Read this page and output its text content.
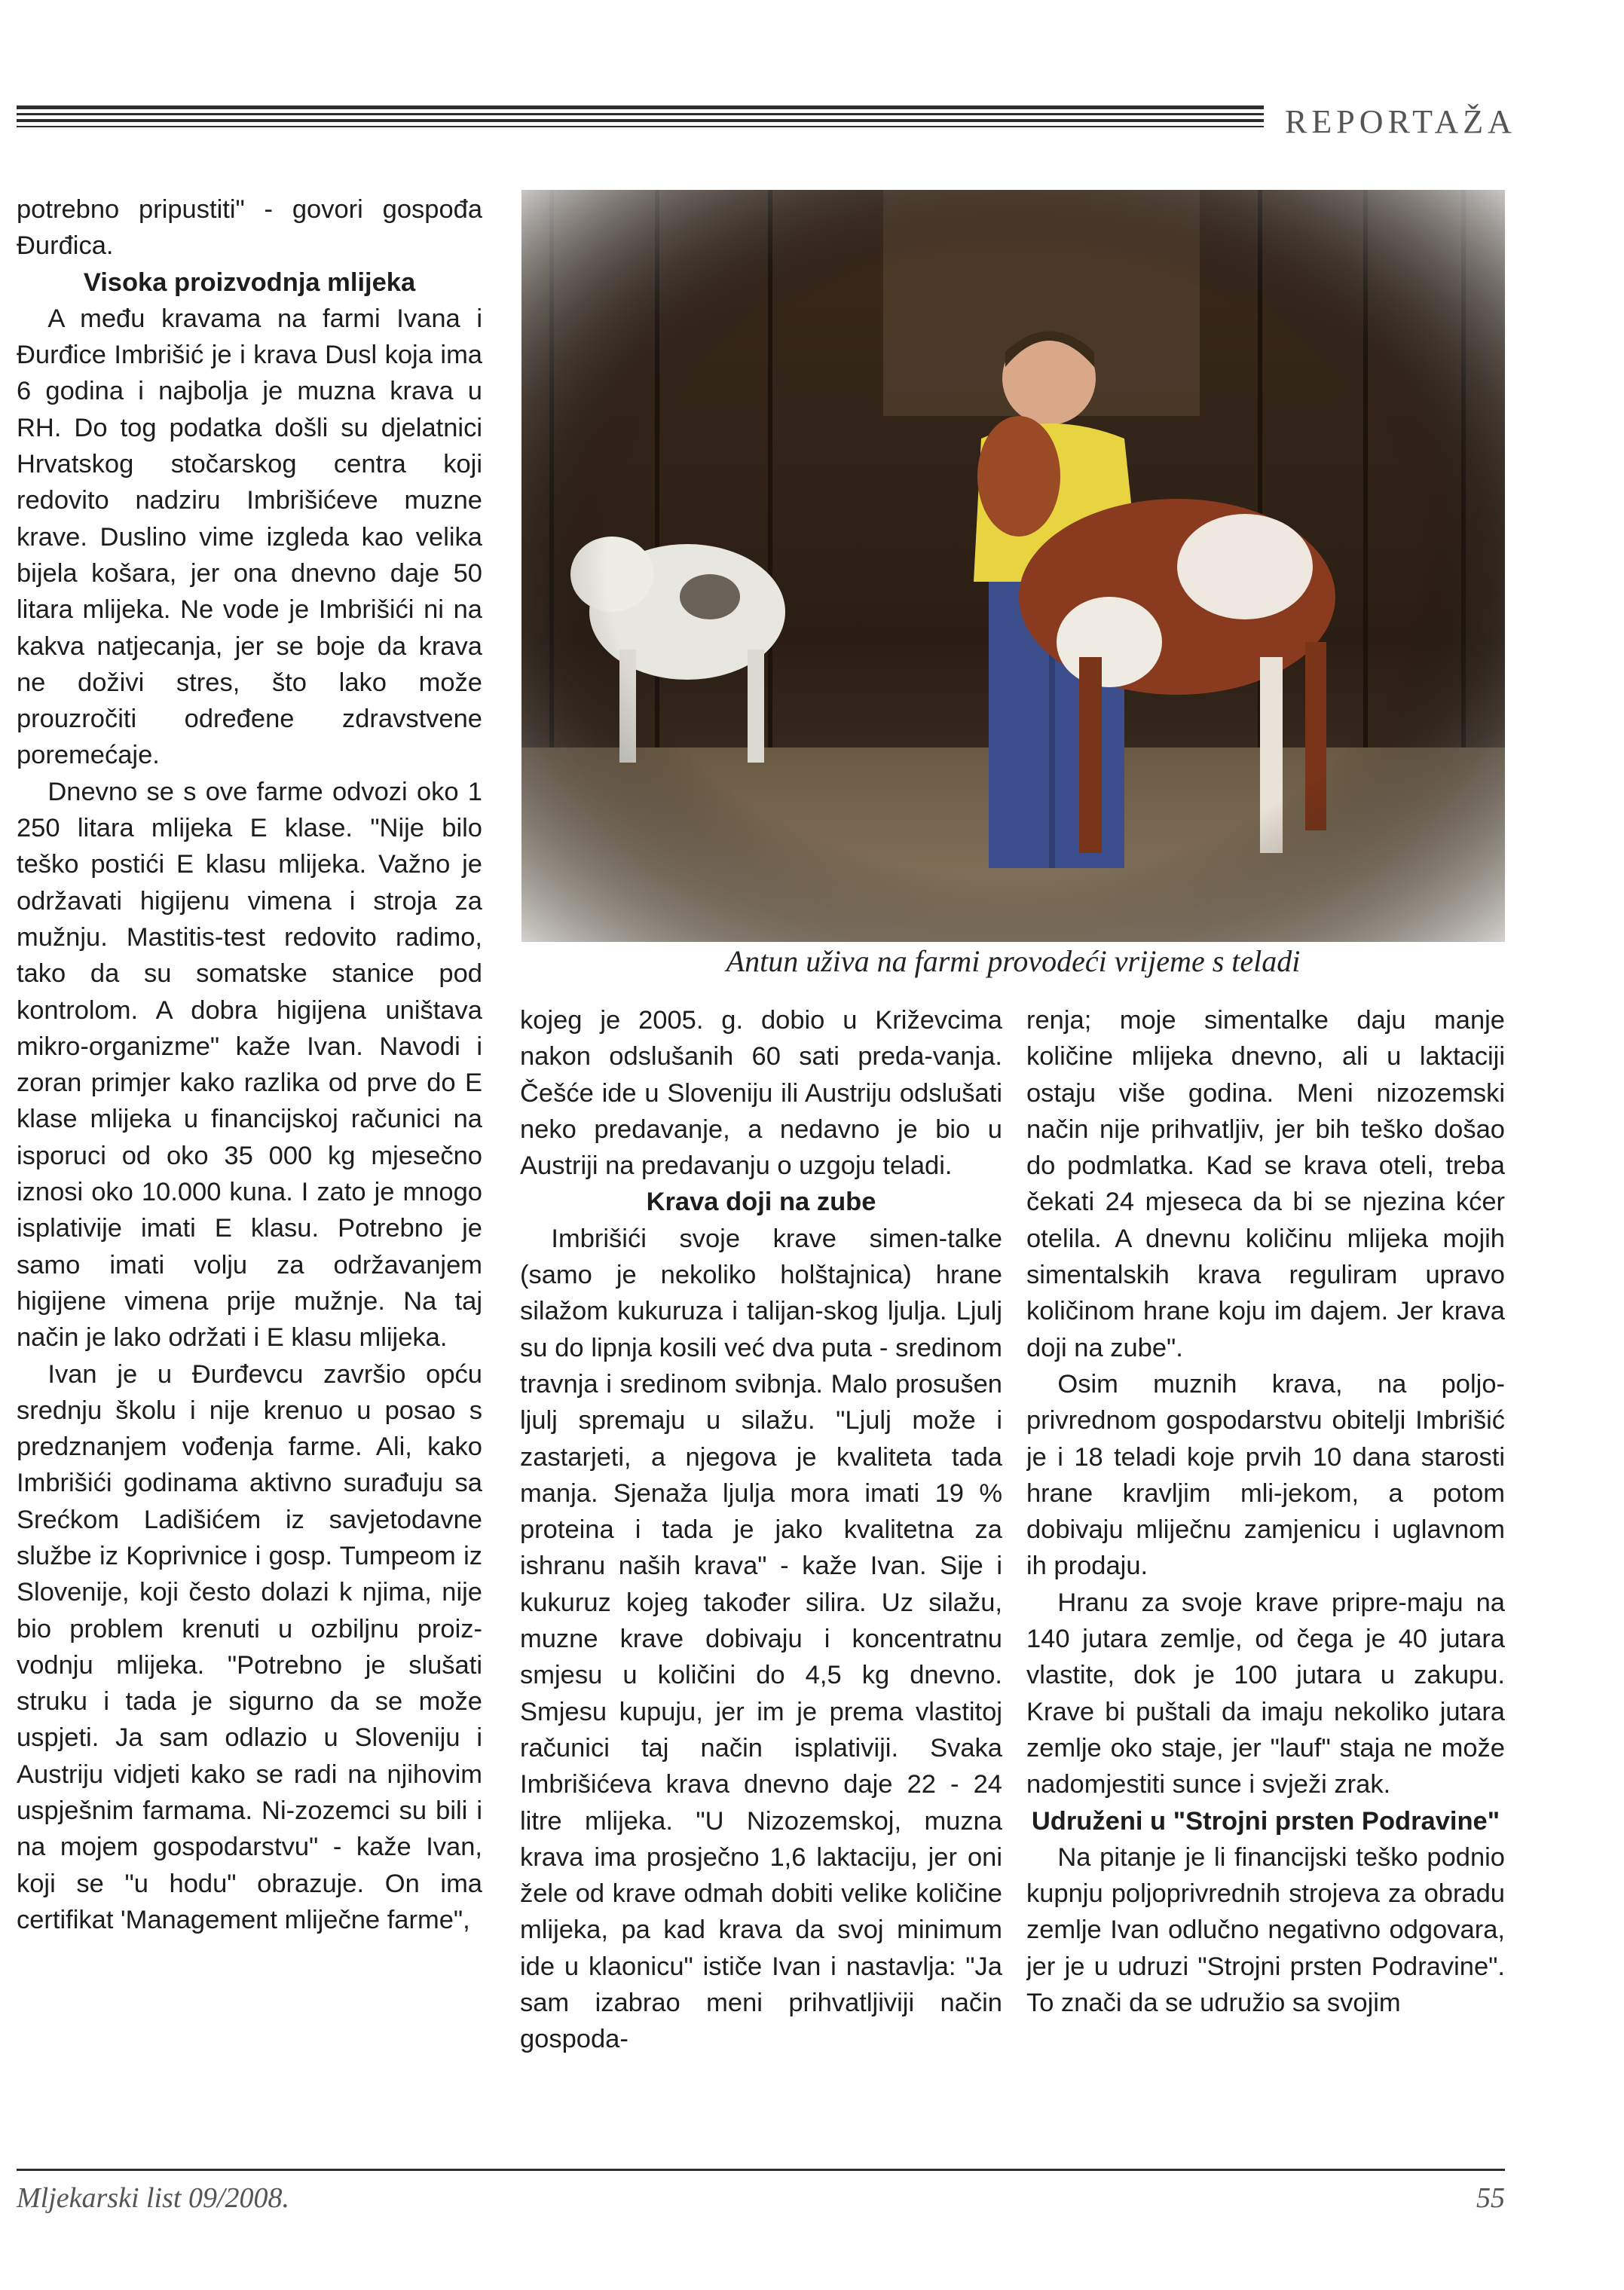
REPORTAŽA

potrebno pripustiti" - govori gospođa Đurđica.

Visoka proizvodnja mlijeka

A među kravama na farmi Ivana i Đurđice Imbrišić je i krava Dusl koja ima 6 godina i najbolja je muzna krava u RH. Do tog podatka došli su djelatnici Hrvatskog stočarskog centra koji redovito nadziru Imbrišićeve muzne krave. Duslino vime izgleda kao velika bijela košara, jer ona dnevno daje 50 litara mlijeka. Ne vode je Imbrišići ni na kakva natjecanja, jer se boje da krava ne doživi stres, što lako može prouzročiti određene zdravstvene poremećaje.

Dnevno se s ove farme odvozi oko 1 250 litara mlijeka E klase. "Nije bilo teško postići E klasu mlijeka. Važno je održavati higijenu vimena i stroja za mužnju. Mastitis-test redovito radimo, tako da su somatske stanice pod kontrolom. A dobra higijena uništava mikro-organizme" kaže Ivan. Navodi i zoran primjer kako razlika od prve do E klase mlijeka u financijskoj računici na isporuci od oko 35 000 kg mjesečno iznosi oko 10.000 kuna. I zato je mnogo isplativije imati E klasu. Potrebno je samo imati volju za održavanjem higijene vimena prije mužnje. Na taj način je lako održati i E klasu mlijeka.

Ivan je u Đurđevcu završio opću srednju školu i nije krenuo u posao s predznanjem vođenja farme. Ali, kako Imbrišići godinama aktivno surađuju sa Srećkom Ladišićem iz savjetodavne službe iz Koprivnice i gosp. Tumpeom iz Slovenije, koji često dolazi k njima, nije bio problem krenuti u ozbiljnu proiz-vodnju mlijeka. "Potrebno je slušati struku i tada je sigurno da se može uspjeti. Ja sam odlazio u Sloveniju i Austriju vidjeti kako se radi na njihovim uspješnim farmama. Ni-zozemci su bili i na mojem gospodarstvu" - kaže Ivan, koji se "u hodu" obrazuje. On ima certifikat 'Management mliječne farme",

Antun uživa na farmi provodeći vrijeme s teladi

kojeg je 2005. g. dobio u Križevcima nakon odslušanih 60 sati preda-vanja. Češće ide u Sloveniju ili Austriju odslušati neko predavanje, a nedavno je bio u Austriji na predavanju o uzgoju teladi.

Krava doji na zube

Imbrišići svoje krave simen-talke (samo je nekoliko holštajnica) hrane silažom kukuruza i talijan-skog ljulja. Ljulj su do lipnja kosili već dva puta - sredinom travnja i sredinom svibnja. Malo prosušen ljulj spremaju u silažu. "Ljulj može i zastarjeti, a njegova je kvaliteta tada manja. Sjenaža ljulja mora imati 19 % proteina i tada je jako kvalitetna za ishranu naših krava" - kaže Ivan. Sije i kukuruz kojeg također silira. Uz silažu, muzne krave dobivaju i koncentratnu smjesu u količini do 4,5 kg dnevno. Smjesu kupuju, jer im je prema vlastitoj računici taj način isplativiji. Svaka Imbrišićeva krava dnevno daje 22 - 24 litre mlijeka. "U Nizozemskoj, muzna krava ima prosječno 1,6 laktaciju, jer oni žele od krave odmah dobiti velike količine mlijeka, pa kad krava da svoj minimum ide u klaonicu" ističe Ivan i nastavlja: "Ja sam izabrao meni prihvatljiviji način gospoda-

renja; moje simentalke daju manje količine mlijeka dnevno, ali u laktaciji ostaju više godina. Meni nizozemski način nije prihvatljiv, jer bih teško došao do podmlatka. Kad se krava oteli, treba čekati 24 mjeseca da bi se njezina kćer otelila. A dnevnu količinu mlijeka mojih simentalskih krava reguliram upravo količinom hrane koju im dajem. Jer krava doji na zube".

Osim muznih krava, na poljo-privrednom gospodarstvu obitelji Imbrišić je i 18 teladi koje prvih 10 dana starosti hrane kravljim mli-jekom, a potom dobivaju mliječnu zamjenicu i uglavnom ih prodaju.

Hranu za svoje krave pripre-maju na 140 jutara zemlje, od čega je 40 jutara vlastite, dok je 100 jutara u zakupu. Krave bi puštali da imaju nekoliko jutara zemlje oko staje, jer "lauf" staja ne može nadomjestiti sunce i svježi zrak.

Udruženi u "Strojni prsten Podravine"

Na pitanje je li financijski teško podnio kupnju poljoprivrednih strojeva za obradu zemlje Ivan odlučno negativno odgovara, jer je u udruzi "Strojni prsten Podravine". To znači da se udružio sa svojim

Mljekarski list 09/2008.	55
